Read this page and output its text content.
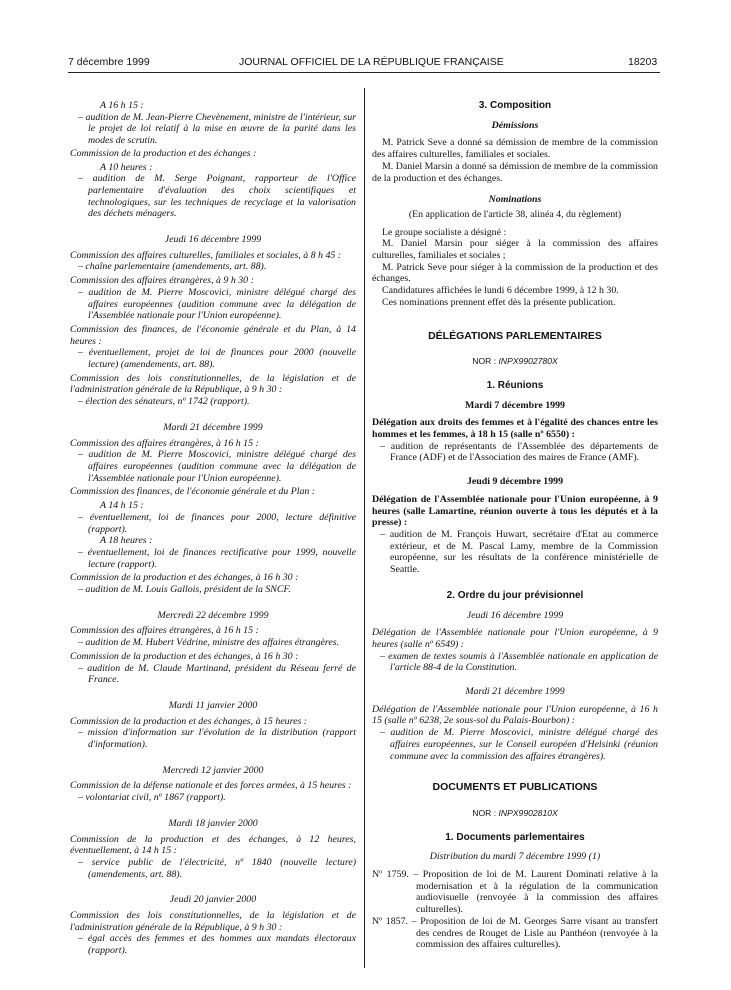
7 décembre 1999	JOURNAL OFFICIEL DE LA RÉPUBLIQUE FRANÇAISE	18203

A 16 h 15 :

– audition de M. Jean-Pierre Chevènement, ministre de l'intérieur, sur le projet de loi relatif à la mise en œuvre de la parité dans les modes de scrutin.

Commission de la production et des échanges :

A 10 heures :

– audition de M. Serge Poignant, rapporteur de l'Office parlementaire d'évaluation des choix scientifiques et technologiques, sur les techniques de recyclage et la valorisation des déchets ménagers.

Jeudi 16 décembre 1999

Commission des affaires culturelles, familiales et sociales, à 8 h 45 :

– chaîne parlementaire (amendements, art. 88).

Commission des affaires étrangères, à 9 h 30 :

– audition de M. Pierre Moscovici, ministre délégué chargé des affaires européennes (audition commune avec la délégation de l'Assemblée nationale pour l'Union européenne).

Commission des finances, de l'économie générale et du Plan, à 14 heures :

– éventuellement, projet de loi de finances pour 2000 (nouvelle lecture) (amendements, art. 88).

Commission des lois constitutionnelles, de la législation et de l'administration générale de la République, à 9 h 30 :

– élection des sénateurs, nº 1742 (rapport).

Mardi 21 décembre 1999

Commission des affaires étrangères, à 16 h 15 :

– audition de M. Pierre Moscovici, ministre délégué chargé des affaires européennes (audition commune avec la délégation de l'Assemblée nationale pour l'Union européenne).

Commission des finances, de l'économie générale et du Plan :

A 14 h 15 :

– éventuellement, loi de finances pour 2000, lecture définitive (rapport).

A 18 heures :

– éventuellement, loi de finances rectificative pour 1999, nouvelle lecture (rapport).

Commission de la production et des échanges, à 16 h 30 :

– audition de M. Louis Gallois, président de la SNCF.

Mercredi 22 décembre 1999

Commission des affaires étrangères, à 16 h 15 :

– audition de M. Hubert Védrine, ministre des affaires étrangères.

Commission de la production et des échanges, à 16 h 30 :

– audition de M. Claude Martinand, président du Réseau ferré de France.

Mardi 11 janvier 2000

Commission de la production et des échanges, à 15 heures :

– mission d'information sur l'évolution de la distribution (rapport d'information).

Mercredi 12 janvier 2000

Commission de la défense nationale et des forces armées, à 15 heures :

– volontariat civil, nº 1867 (rapport).

Mardi 18 janvier 2000

Commission de la production et des échanges, à 12 heures, éventuellement, à 14 h 15 :

– service public de l'électricité, nº 1840 (nouvelle lecture) (amendements, art. 88).

Jeudi 20 janvier 2000

Commission des lois constitutionnelles, de la législation et de l'administration générale de la République, à 9 h 30 :

– égal accès des femmes et des hommes aux mandats électoraux (rapport).

3. Composition

Démissions

M. Patrick Seve a donné sa démission de membre de la commission des affaires culturelles, familiales et sociales.

M. Daniel Marsin a donné sa démission de membre de la commission de la production et des échanges.

Nominations

(En application de l'article 38, alinéa 4, du règlement)

Le groupe socialiste a désigné :

M. Daniel Marsin pour siéger à la commission des affaires culturelles, familiales et sociales ;

M. Patrick Seve pour siéger à la commission de la production et des échanges.

Candidatures affichées le lundi 6 décembre 1999, à 12 h 30.

Ces nominations prennent effet dès la présente publication.

DÉLÉGATIONS PARLEMENTAIRES

NOR : INPX9902780X

1. Réunions

Mardi 7 décembre 1999

Délégation aux droits des femmes et à l'égalité des chances entre les hommes et les femmes, à 18 h 15 (salle nº 6550) :

– audition de représentants de l'Assemblée des départements de France (ADF) et de l'Association des maires de France (AMF).

Jeudi 9 décembre 1999

Délégation de l'Assemblée nationale pour l'Union européenne, à 9 heures (salle Lamartine, réunion ouverte à tous les députés et à la presse) :

– audition de M. François Huwart, secrétaire d'Etat au commerce extérieur, et de M. Pascal Lamy, membre de la Commission européenne, sur les résultats de la conférence ministérielle de Seattle.

2. Ordre du jour prévisionnel

Jeudi 16 décembre 1999

Délégation de l'Assemblée nationale pour l'Union européenne, à 9 heures (salle nº 6549) :

– examen de textes soumis à l'Assemblée nationale en application de l'article 88-4 de la Constitution.

Mardi 21 décembre 1999

Délégation de l'Assemblée nationale pour l'Union européenne, à 16 h 15 (salle nº 6238, 2e sous-sol du Palais-Bourbon) :

– audition de M. Pierre Moscovici, ministre délégué chargé des affaires européennes, sur le Conseil européen d'Helsinki (réunion commune avec la commission des affaires étrangères).

DOCUMENTS ET PUBLICATIONS

NOR : INPX9902810X

1. Documents parlementaires

Distribution du mardi 7 décembre 1999 (1)

Nº 1759. – Proposition de loi de M. Laurent Dominati relative à la modernisation et à la régulation de la communication audiovisuelle (renvoyée à la commission des affaires culturelles).

Nº 1857. – Proposition de loi de M. Georges Sarre visant au transfert des cendres de Rouget de Lisle au Panthéon (renvoyée à la commission des affaires culturelles).
